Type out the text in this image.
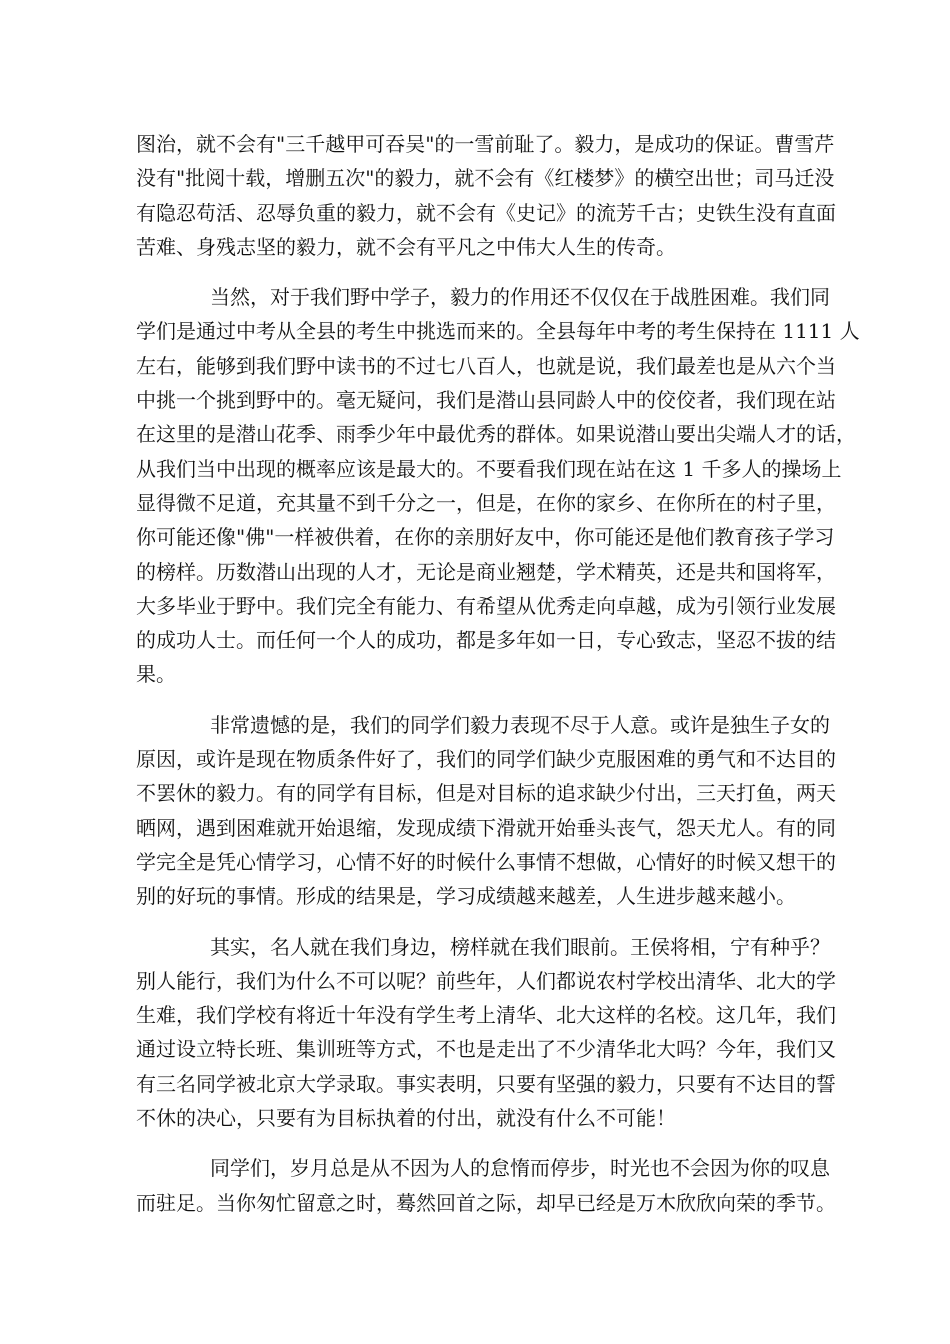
图治，就不会有"三千越甲可吞吴"的一雪前耻了。毅力，是成功的保证。曹雪芹
没有"批阅十载，增删五次"的毅力，就不会有《红楼梦》的横空出世；司马迁没
有隐忍苟活、忍辱负重的毅力，就不会有《史记》的流芳千古；史铁生没有直面
苦难、身残志坚的毅力，就不会有平凡之中伟大人生的传奇。
当然，对于我们野中学子，毅力的作用还不仅仅在于战胜困难。我们同
学们是通过中考从全县的考生中挑选而来的。全县每年中考的考生保持在 1111 人
左右，能够到我们野中读书的不过七八百人，也就是说，我们最差也是从六个当
中挑一个挑到野中的。毫无疑问，我们是潜山县同龄人中的佼佼者，我们现在站
在这里的是潜山花季、雨季少年中最优秀的群体。如果说潜山要出尖端人才的话，
从我们当中出现的概率应该是最大的。不要看我们现在站在这 1 千多人的操场上
显得微不足道，充其量不到千分之一，但是，在你的家乡、在你所在的村子里，
你可能还像"佛"一样被供着，在你的亲朋好友中，你可能还是他们教育孩子学习
的榜样。历数潜山出现的人才，无论是商业翘楚，学术精英，还是共和国将军，
大多毕业于野中。我们完全有能力、有希望从优秀走向卓越，成为引领行业发展
的成功人士。而任何一个人的成功，都是多年如一日，专心致志，坚忍不拔的结
果。
非常遗憾的是，我们的同学们毅力表现不尽于人意。或许是独生子女的
原因，或许是现在物质条件好了，我们的同学们缺少克服困难的勇气和不达目的
不罢休的毅力。有的同学有目标，但是对目标的追求缺少付出，三天打鱼，两天
晒网，遇到困难就开始退缩，发现成绩下滑就开始垂头丧气，怨天尤人。有的同
学完全是凭心情学习，心情不好的时候什么事情不想做，心情好的时候又想干的
别的好玩的事情。形成的结果是，学习成绩越来越差，人生进步越来越小。
其实，名人就在我们身边，榜样就在我们眼前。王侯将相，宁有种乎？
别人能行，我们为什么不可以呢？前些年，人们都说农村学校出清华、北大的学
生难，我们学校有将近十年没有学生考上清华、北大这样的名校。这几年，我们
通过设立特长班、集训班等方式，不也是走出了不少清华北大吗？今年，我们又
有三名同学被北京大学录取。事实表明，只要有坚强的毅力，只要有不达目的誓
不休的决心，只要有为目标执着的付出，就没有什么不可能！
同学们，岁月总是从不因为人的怠惰而停步，时光也不会因为你的叹息
而驻足。当你匆忙留意之时，蓦然回首之际，却早已经是万木欣欣向荣的季节。
